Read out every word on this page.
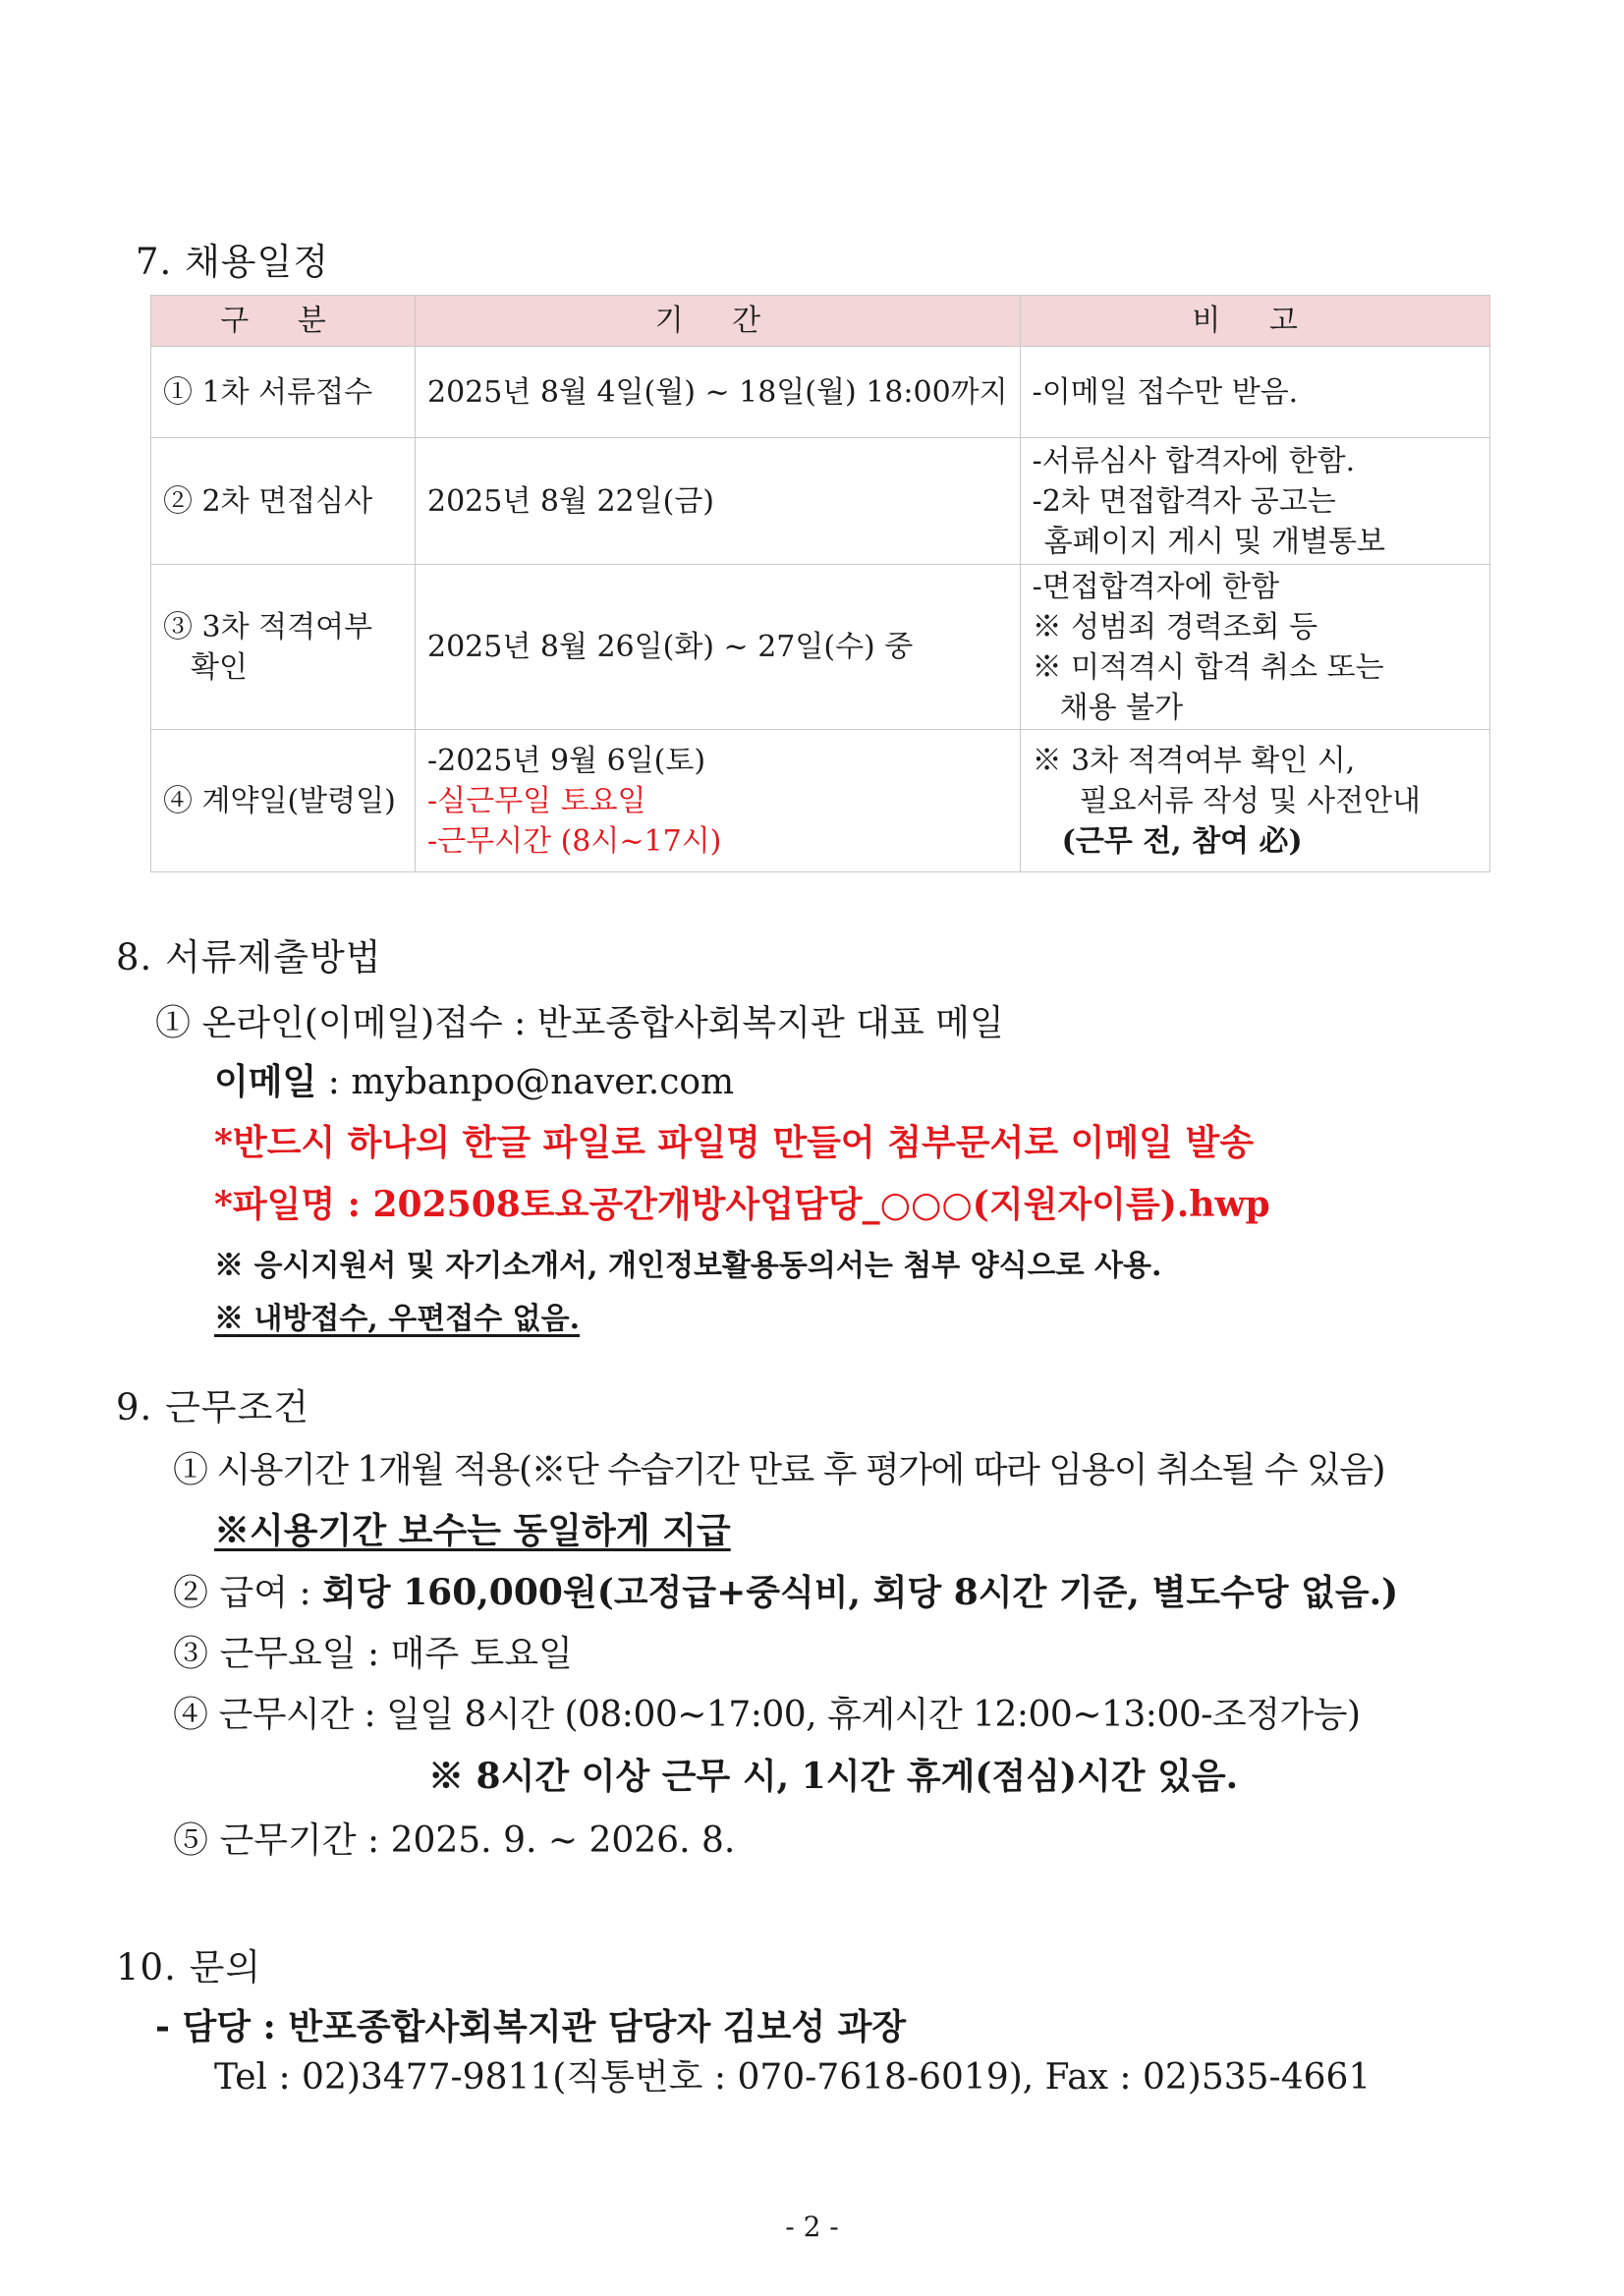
7. 채용일정
구 분	기 간	비 고

① 1차 서류접수	2025년 8월 4일(월) ~ 18일(월) 18:00까지	-이메일 접수만 받음.

② 2차 면접심사	2025년 8월 22일(금)	-서류심사 합격자에 한함.
-2차 면접합격자 공고는
홈페이지 게시 및 개별통보

③ 3차 적격여부
확인	2025년 8월 26일(화) ~ 27일(수) 중	-면접합격자에 한함
※ 성범죄 경력조회 등
※ 미적격시 합격 취소 또는
채용 불가

④ 계약일(발령일)	-2025년 9월 6일(토)
-실근무일 토요일
-근무시간 (8시~17시)	※ 3차 적격여부 확인 시,
필요서류 작성 및 사전안내
(근무 전, 참여 必)
8. 서류제출방법
① 온라인(이메일)접수 : 반포종합사회복지관 대표 메일
이메일 : mybanpo@naver.com
*반드시 하나의 한글 파일로 파일명 만들어 첨부문서로 이메일 발송
*파일명 : 202508토요공간개방사업담당_○○○(지원자이름).hwp
※ 응시지원서 및 자기소개서, 개인정보활용동의서는 첨부 양식으로 사용.
※ 내방접수, 우편접수 없음.
9. 근무조건
① 시용기간 1개월 적용(※단 수습기간 만료 후 평가에 따라 임용이 취소될 수 있음)
※시용기간 보수는 동일하게 지급
② 급여 : 회당 160,000원(고정급+중식비, 회당 8시간 기준, 별도수당 없음.)
③ 근무요일 : 매주 토요일
④ 근무시간 : 일일 8시간 (08:00~17:00, 휴게시간 12:00~13:00-조정가능)
※ 8시간 이상 근무 시, 1시간 휴게(점심)시간 있음.
⑤ 근무기간 : 2025. 9. ~ 2026. 8.
10. 문의
- 담당 : 반포종합사회복지관 담당자 김보성 과장
Tel : 02)3477-9811(직통번호 : 070-7618-6019), Fax : 02)535-4661
- 2 -
